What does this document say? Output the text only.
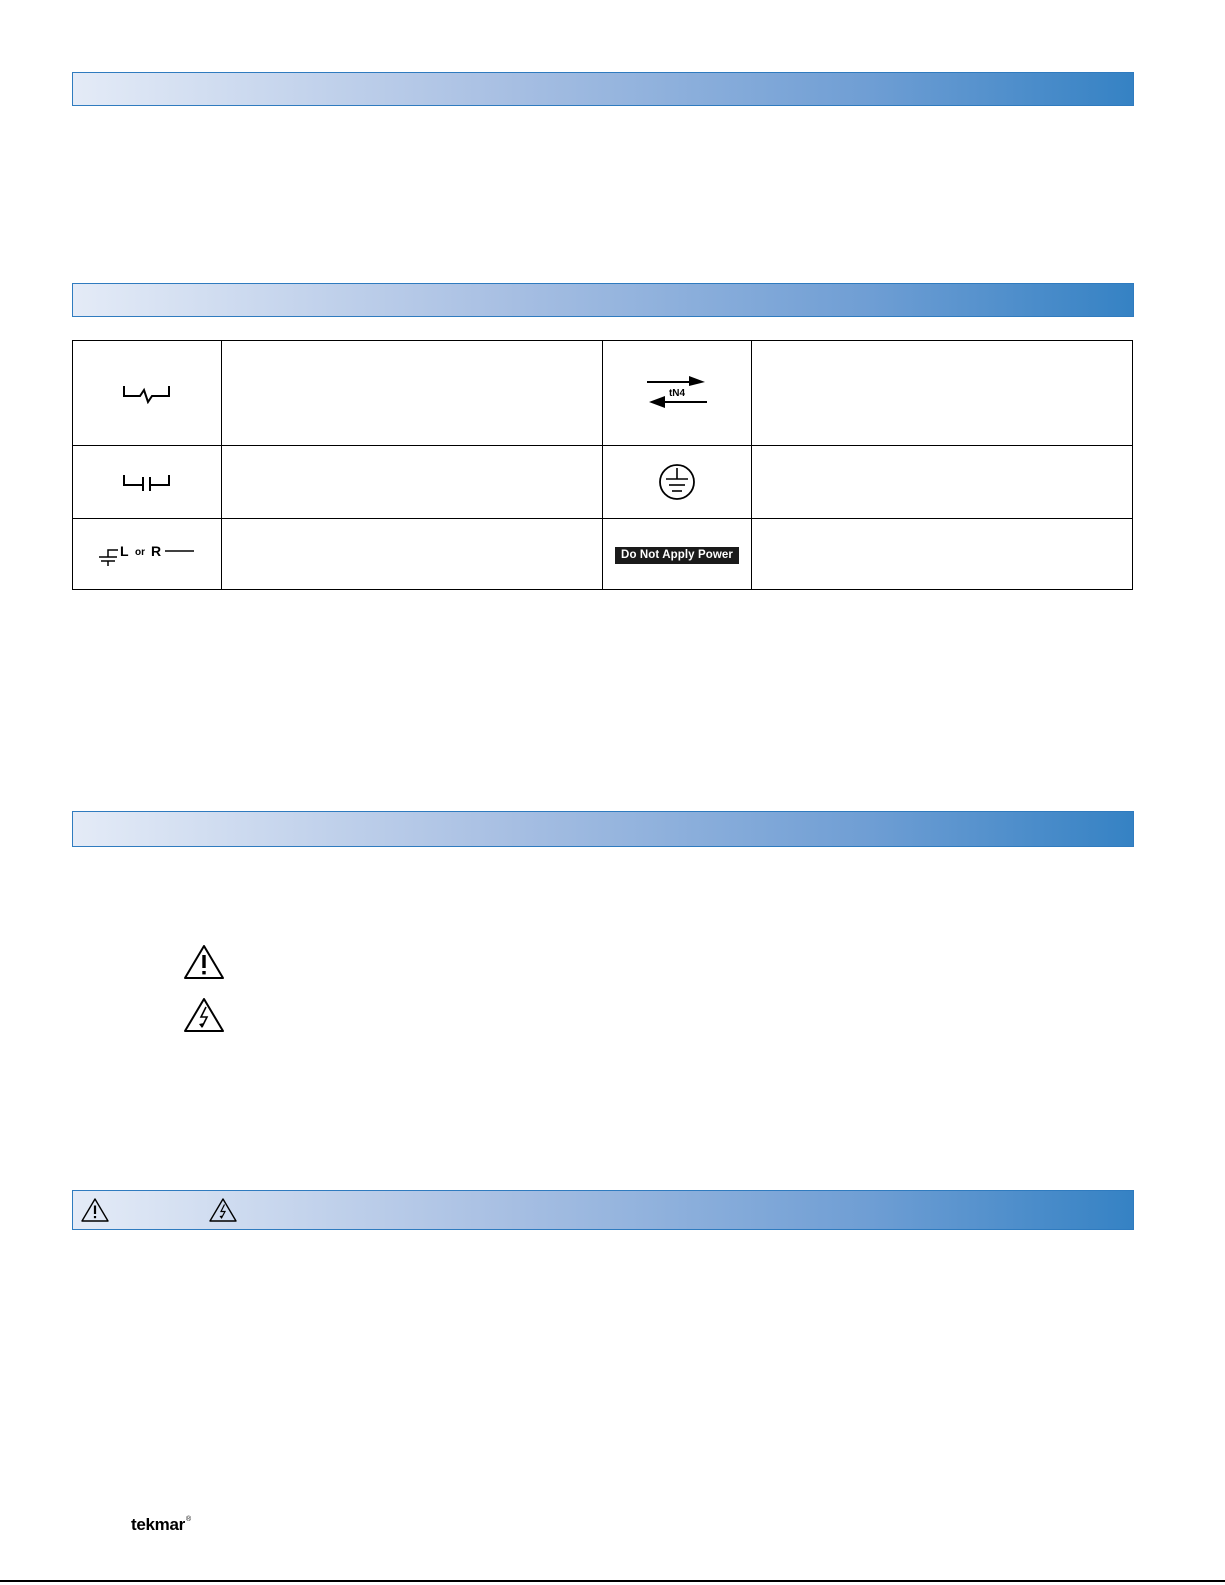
tN4	

L or R		Do Not Apply Power	
tekmar®
